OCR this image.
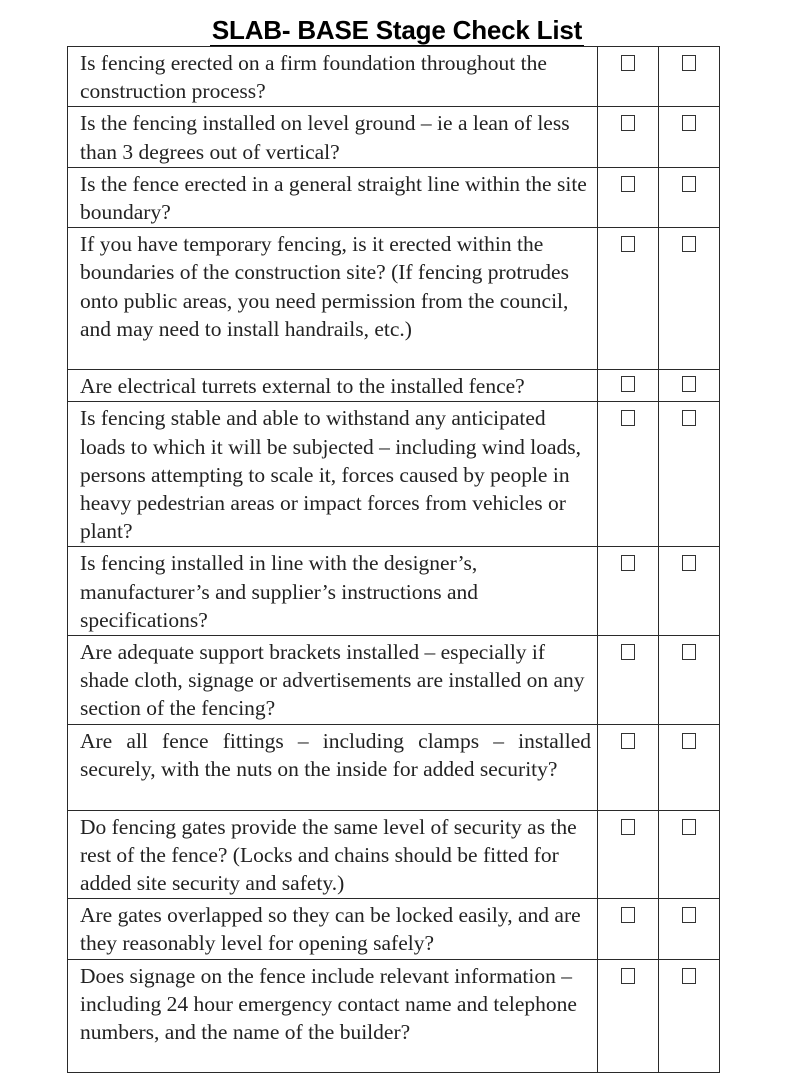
SLAB- BASE Stage Check List
Is fencing erected on a firm foundation throughout the construction process?		
Is the fencing installed on level ground – ie a lean of less than 3 degrees out of vertical?		
Is the fence erected in a general straight line within the site boundary?		
If you have temporary fencing, is it erected within the boundaries of the construction site? (If fencing protrudes onto public areas, you need permission from the council, and may need to install handrails, etc.)		
Are electrical turrets external to the installed fence?		
Is fencing stable and able to withstand any anticipated loads to which it will be subjected – including wind loads, persons attempting to scale it, forces caused by people in heavy pedestrian areas or impact forces from vehicles or plant?		
Is fencing installed in line with the designer’s, manufacturer’s and supplier’s instructions and specifications?		
Are adequate support brackets installed – especially if shade cloth, signage or advertisements are installed on any section of the fencing?		
Are all fence fittings – including clamps – installed securely, with the nuts on the inside for added security?		
Do fencing gates provide the same level of security as the rest of the fence? (Locks and chains should be fitted for added site security and safety.)		
Are gates overlapped so they can be locked easily, and are they reasonably level for opening safely?		
Does signage on the fence include relevant information – including 24 hour emergency contact name and telephone numbers, and the name of the builder?		
